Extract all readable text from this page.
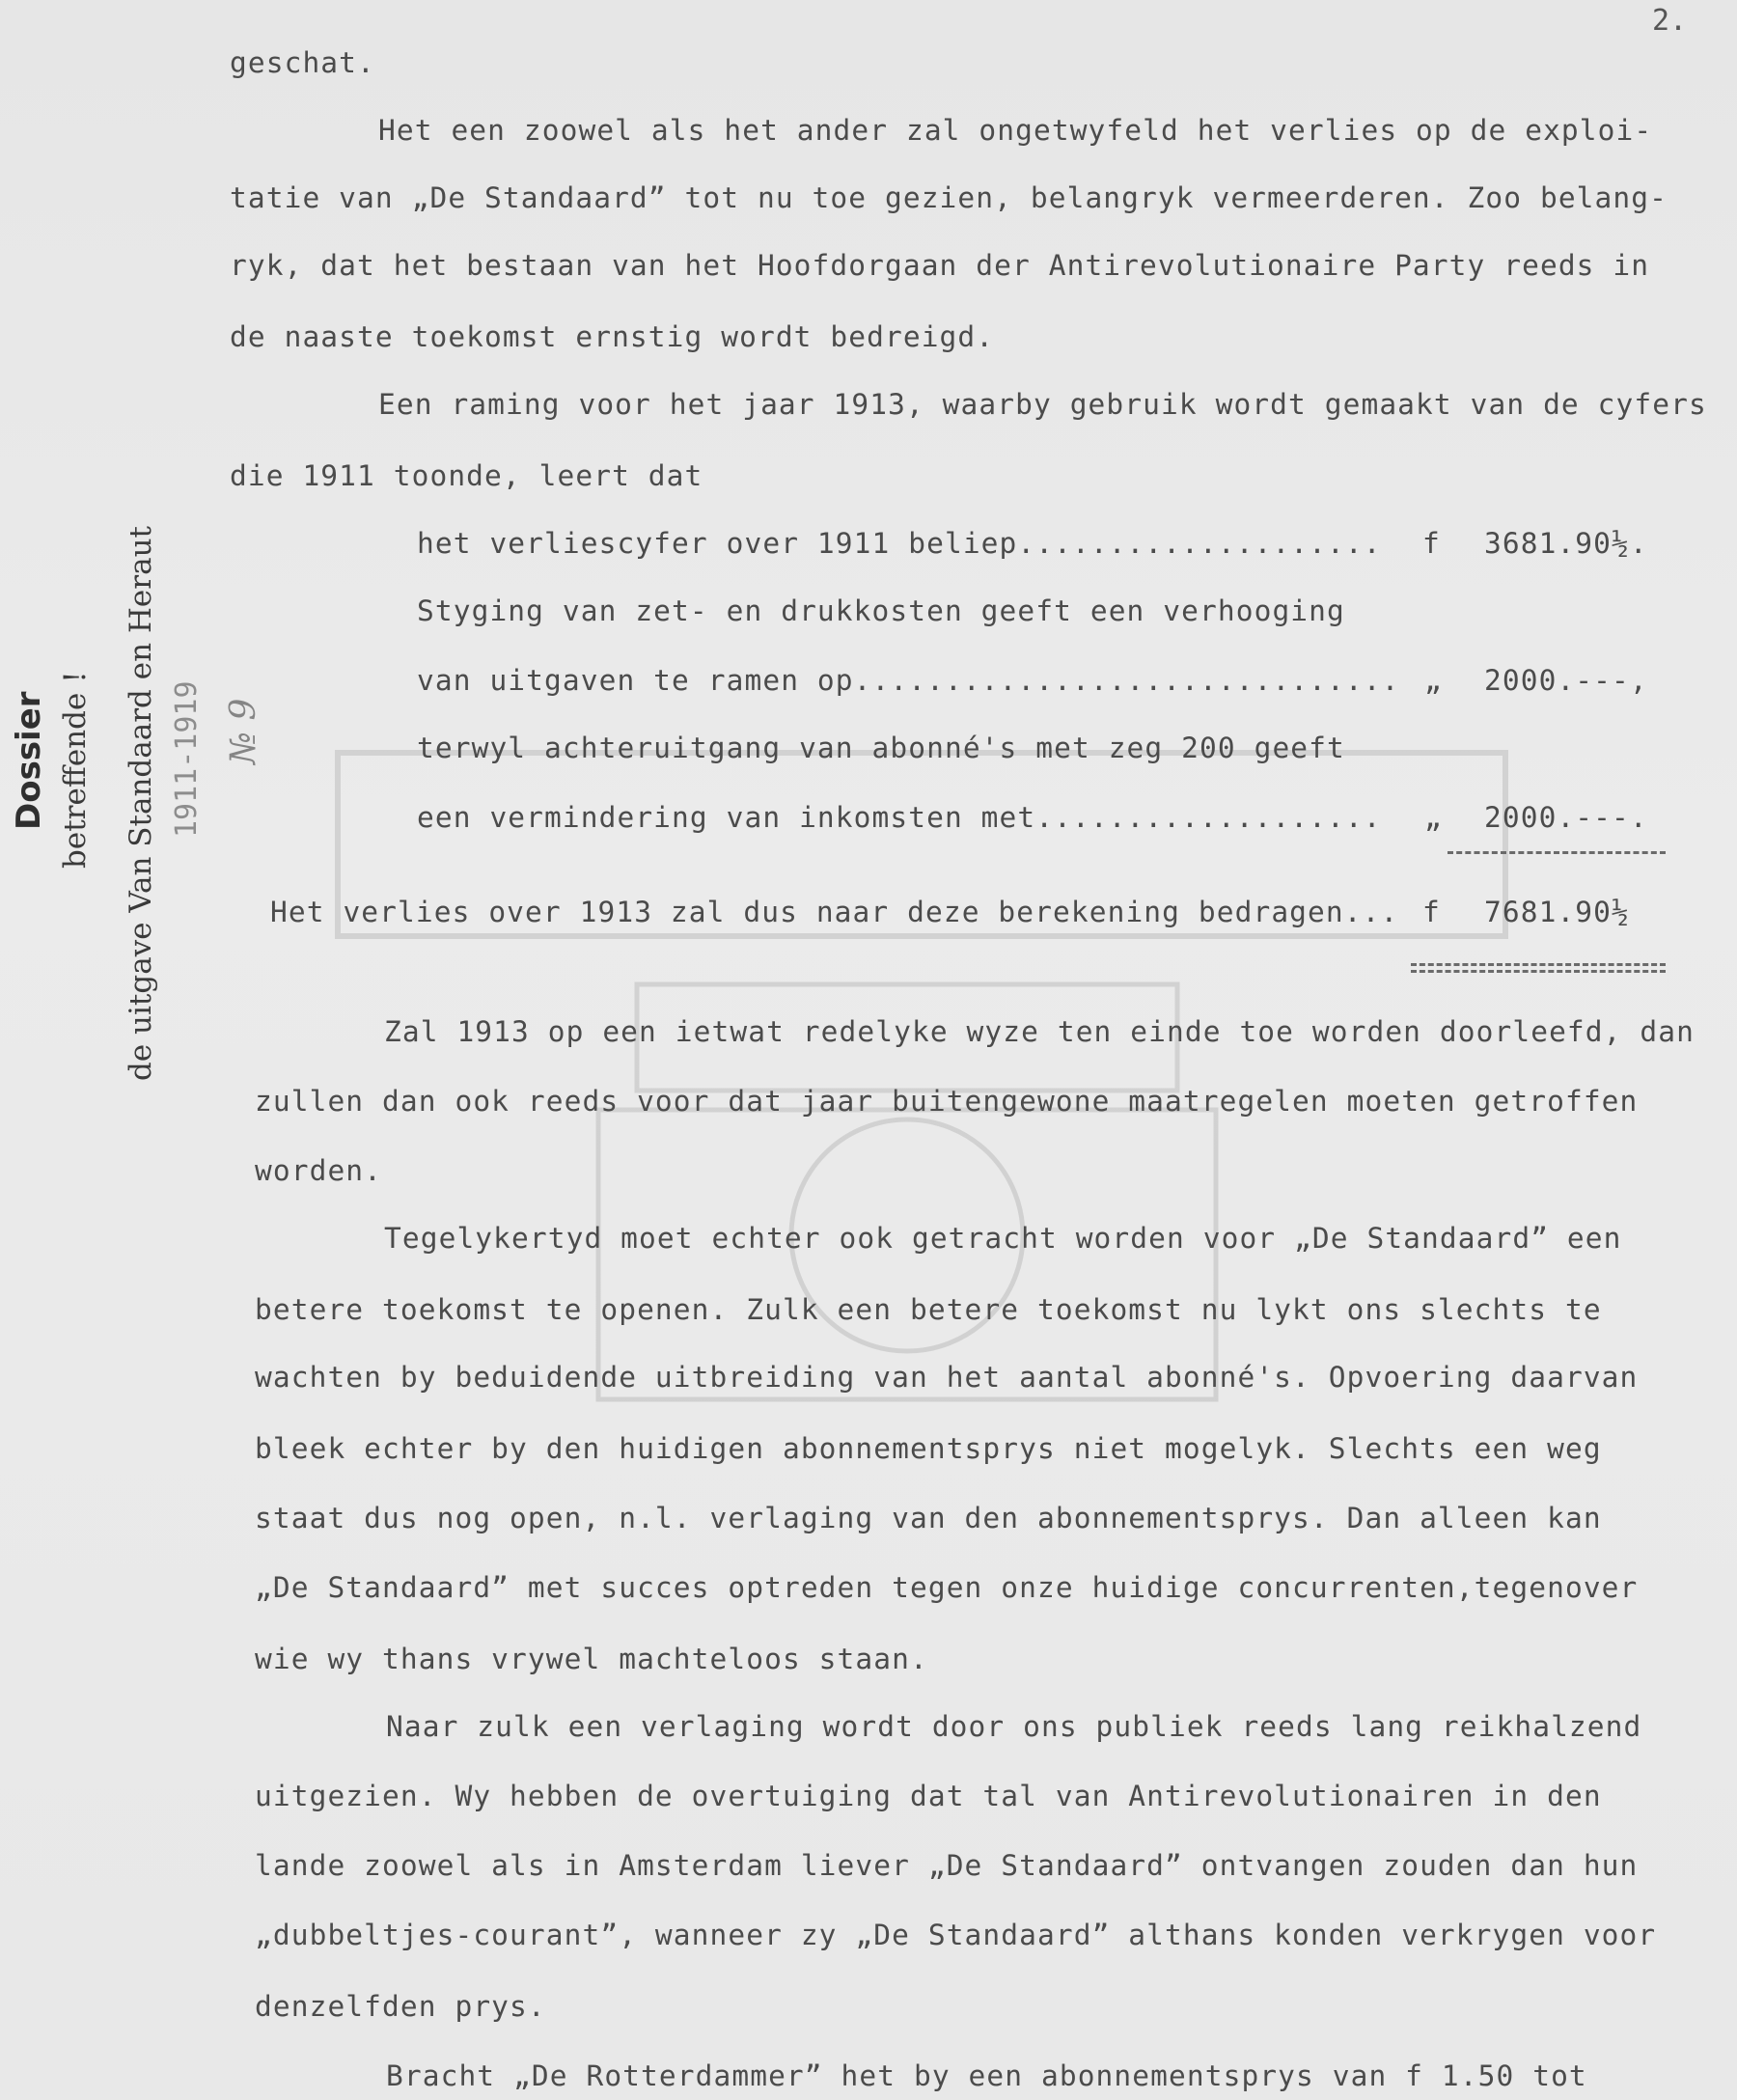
2.
Dossier betreffende ! de uitgave Van Standaard en Heraut 1911-1919 № 9
geschat.
Het een zoowel als het ander zal ongetwyfeld het verlies op de exploi-
tatie van „De Standaard” tot nu toe gezien, belangryk vermeerderen. Zoo belang-
ryk, dat het bestaan van het Hoofdorgaan der Antirevolutionaire Party reeds in
de naaste toekomst ernstig wordt bedreigd.
Een raming voor het jaar 1913, waarby gebruik wordt gemaakt van de cyfers
die 1911 toonde, leert dat
het verliescyfer over 1911 beliep.................... f 3681.90½.
Styging van zet- en drukkosten geeft een verhooging
van uitgaven te ramen op.............................. „ 2000.---,
terwyl achteruitgang van abonné's met zeg 200 geeft
een vermindering van inkomsten met................... „ 2000.---.
Het verlies over 1913 zal dus naar deze berekening bedragen... f 7681.90½
Zal 1913 op een ietwat redelyke wyze ten einde toe worden doorleefd, dan
zullen dan ook reeds voor dat jaar buitengewone maatregelen moeten getroffen
worden.
Tegelykertyd moet echter ook getracht worden voor „De Standaard” een
betere toekomst te openen. Zulk een betere toekomst nu lykt ons slechts te
wachten by beduidende uitbreiding van het aantal abonné's. Opvoering daarvan
bleek echter by den huidigen abonnementsprys niet mogelyk. Slechts een weg
staat dus nog open, n.l. verlaging van den abonnementsprys. Dan alleen kan
„De Standaard” met succes optreden tegen onze huidige concurrenten,tegenover
wie wy thans vrywel machteloos staan.
Naar zulk een verlaging wordt door ons publiek reeds lang reikhalzend
uitgezien. Wy hebben de overtuiging dat tal van Antirevolutionairen in den
lande zoowel als in Amsterdam liever „De Standaard” ontvangen zouden dan hun
„dubbeltjes-courant”, wanneer zy „De Standaard” althans konden verkrygen voor
denzelfden prys.
Bracht „De Rotterdammer” het by een abonnementsprys van f 1.50 tot
